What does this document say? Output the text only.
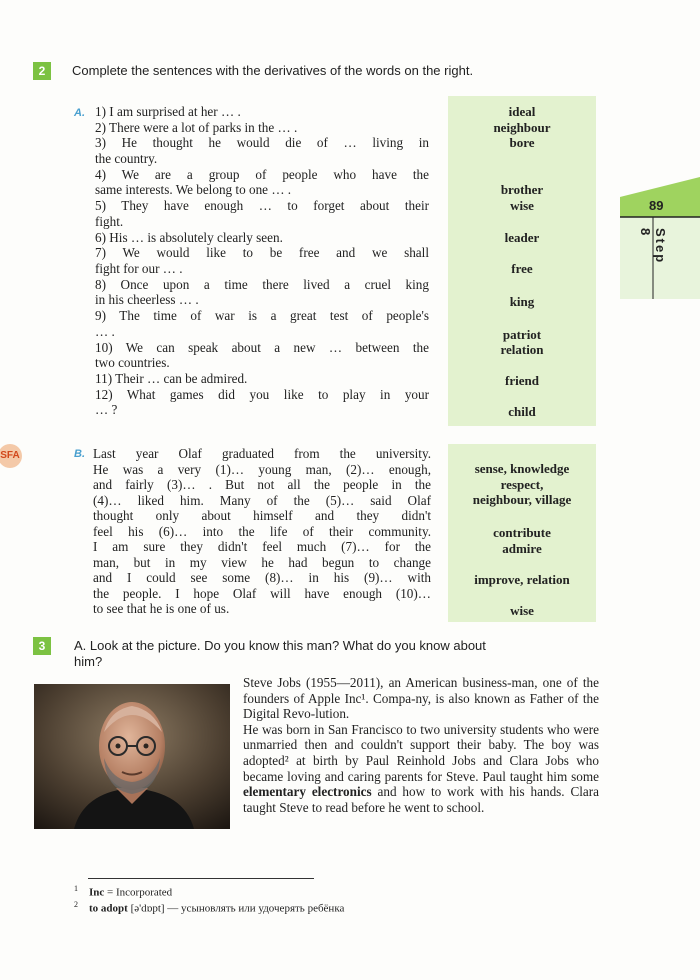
2	Complete the sentences with the derivatives of the words on the right.
A. 1) I am surprised at her … .
2) There were a lot of parks in the … .
3) He thought he would die of … living in
the country.
4) We are a group of people who have the
same interests. We belong to one … .
5) They have enough … to forget about their
fight.
6) His … is absolutely clearly seen.
7) We would like to be free and we shall
fight for our … .
8) Once upon a time there lived a cruel king
in his cheerless … .
9) The time of war is a great test of people's
… .
10) We can speak about a new … between the
two countries.
11) Their … can be admired.
12) What games did you like to play in your
… ?
ideal
neighbour
bore
brother
wise
leader
free
king
patriot
relation
friend
child
89
Step 8
SFA	B. Last year Olaf graduated from the university.
He was a very (1)… young man, (2)… enough,
and fairly (3)… . But not all the people in the
(4)… liked him. Many of the (5)… said Olaf
thought only about himself and they didn't
feel his (6)… into the life of their community.
I am sure they didn't feel much (7)… for the
man, but in my view he had begun to change
and I could see some (8)… in his (9)… with
the people. I hope Olaf will have enough (10)…
to see that he is one of us.
sense, knowledge
respect,
neighbour, village
contribute
admire
improve, relation
wise
3	A. Look at the picture. Do you know this man? What do you know about
him?

Steve Jobs (1955—2011), an American business-man, one of the founders of Apple Inc¹. Compa-ny, is also known as Father of the Digital Revo-lution.

He was born in San Francisco to two university students who were unmarried then and couldn't support their baby. The boy was adopted² at birth by Paul Reinhold Jobs and Clara Jobs who became loving and caring parents for Steve. Paul taught him some elementary electronics and how to work with his hands. Clara taught Steve to read before he went to school.

$^1$ Inc = Incorporated
$^2$ to adopt [ə'dɒpt] — усыновлять или удочерять ребёнка
